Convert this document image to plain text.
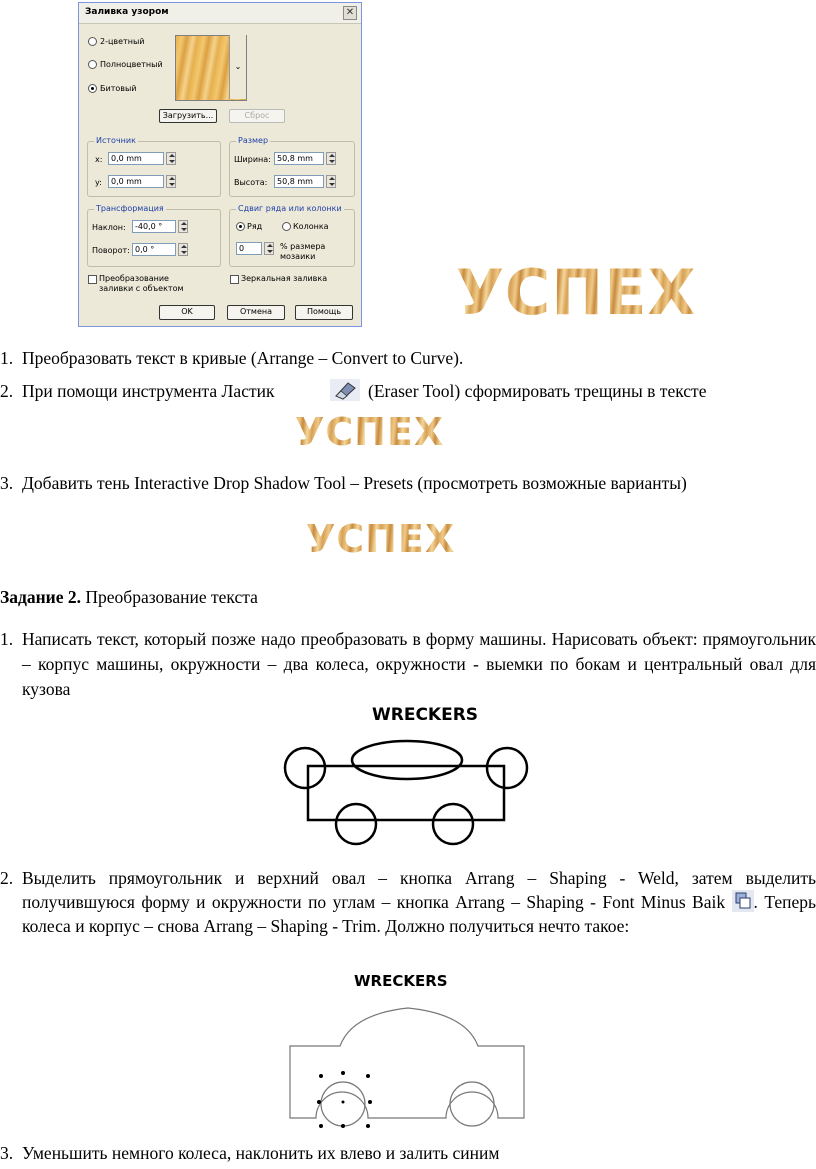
Заливка узором	✕
2-цветный
Полноцветный
Битовый
⌄
Загрузить...	Сброс
Источник
x:	0,0 mm
y:	0,0 mm
Размер
Ширина: 50,8 mm
Высота:	50,8 mm
Трансформация
Наклон:	-40,0 °
Поворот: 0,0 °
Сдвиг ряда или колонки
Ряд	Колонка
0	% размера
мозаики
Преобразование
заливки с объектом
Зеркальная заливка
OK	Отмена	Помощь УСПЕХ
1. Преобразовать текст в кривые (Arrange – Convert to Curve).
2. При помощи инструмента Ластик	(Eraser Tool) сформировать трещины в тексте
УСПЕХ
3. Добавить тень Interactive Drop Shadow Tool – Presets (просмотреть возможные варианты)
УСПЕХ
Задание 2. Преобразование текста
1. Написать текст, который позже надо преобразовать в форму машины. Нарисовать объект: прямоугольник – корпус машины, окружности – два колеса, окружности - выемки по бокам и центральный овал для кузова
WRECKERS
2. Выделить прямоугольник и верхний овал – кнопка Arrang – Shaping - Weld, затем выделить получившуюся форму и окружности по углам – кнопка Arrang – Shaping - Font Minus Baik . Теперь колеса и корпус – снова Arrang – Shaping - Trim. Должно получиться нечто такое:
WRECKERS
3. Уменьшить немного колеса, наклонить их влево и залить синим
